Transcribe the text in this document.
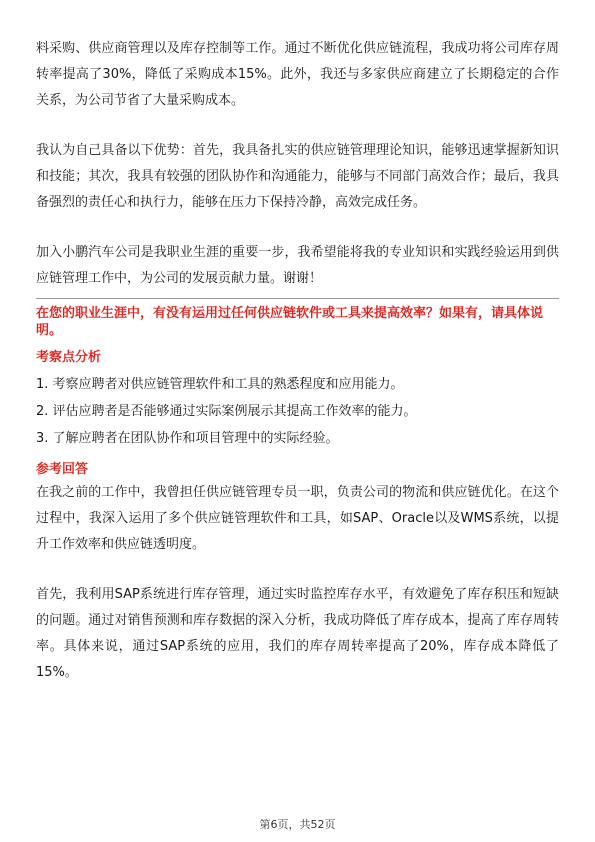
料采购、供应商管理以及库存控制等工作。通过不断优化供应链流程，我成功将公司库存周转率提高了30%，降低了采购成本15%。此外，我还与多家供应商建立了长期稳定的合作关系，为公司节省了大量采购成本。

我认为自己具备以下优势：首先，我具备扎实的供应链管理理论知识，能够迅速掌握新知识和技能；其次，我具有较强的团队协作和沟通能力，能够与不同部门高效合作；最后，我具备强烈的责任心和执行力，能够在压力下保持冷静，高效完成任务。

加入小鹏汽车公司是我职业生涯的重要一步，我希望能将我的专业知识和实践经验运用到供应链管理工作中，为公司的发展贡献力量。谢谢！

在您的职业生涯中，有没有运用过任何供应链软件或工具来提高效率？如果有，请具体说明。

考察点分析

1. 考察应聘者对供应链管理软件和工具的熟悉程度和应用能力。

2. 评估应聘者是否能够通过实际案例展示其提高工作效率的能力。

3. 了解应聘者在团队协作和项目管理中的实际经验。

参考回答

在我之前的工作中，我曾担任供应链管理专员一职，负责公司的物流和供应链优化。在这个过程中，我深入运用了多个供应链管理软件和工具，如SAP、Oracle以及WMS系统，以提升工作效率和供应链透明度。

首先，我利用SAP系统进行库存管理，通过实时监控库存水平，有效避免了库存积压和短缺的问题。通过对销售预测和库存数据的深入分析，我成功降低了库存成本，提高了库存周转率。具体来说，通过SAP系统的应用，我们的库存周转率提高了20%，库存成本降低了15%。

第6页，共52页
